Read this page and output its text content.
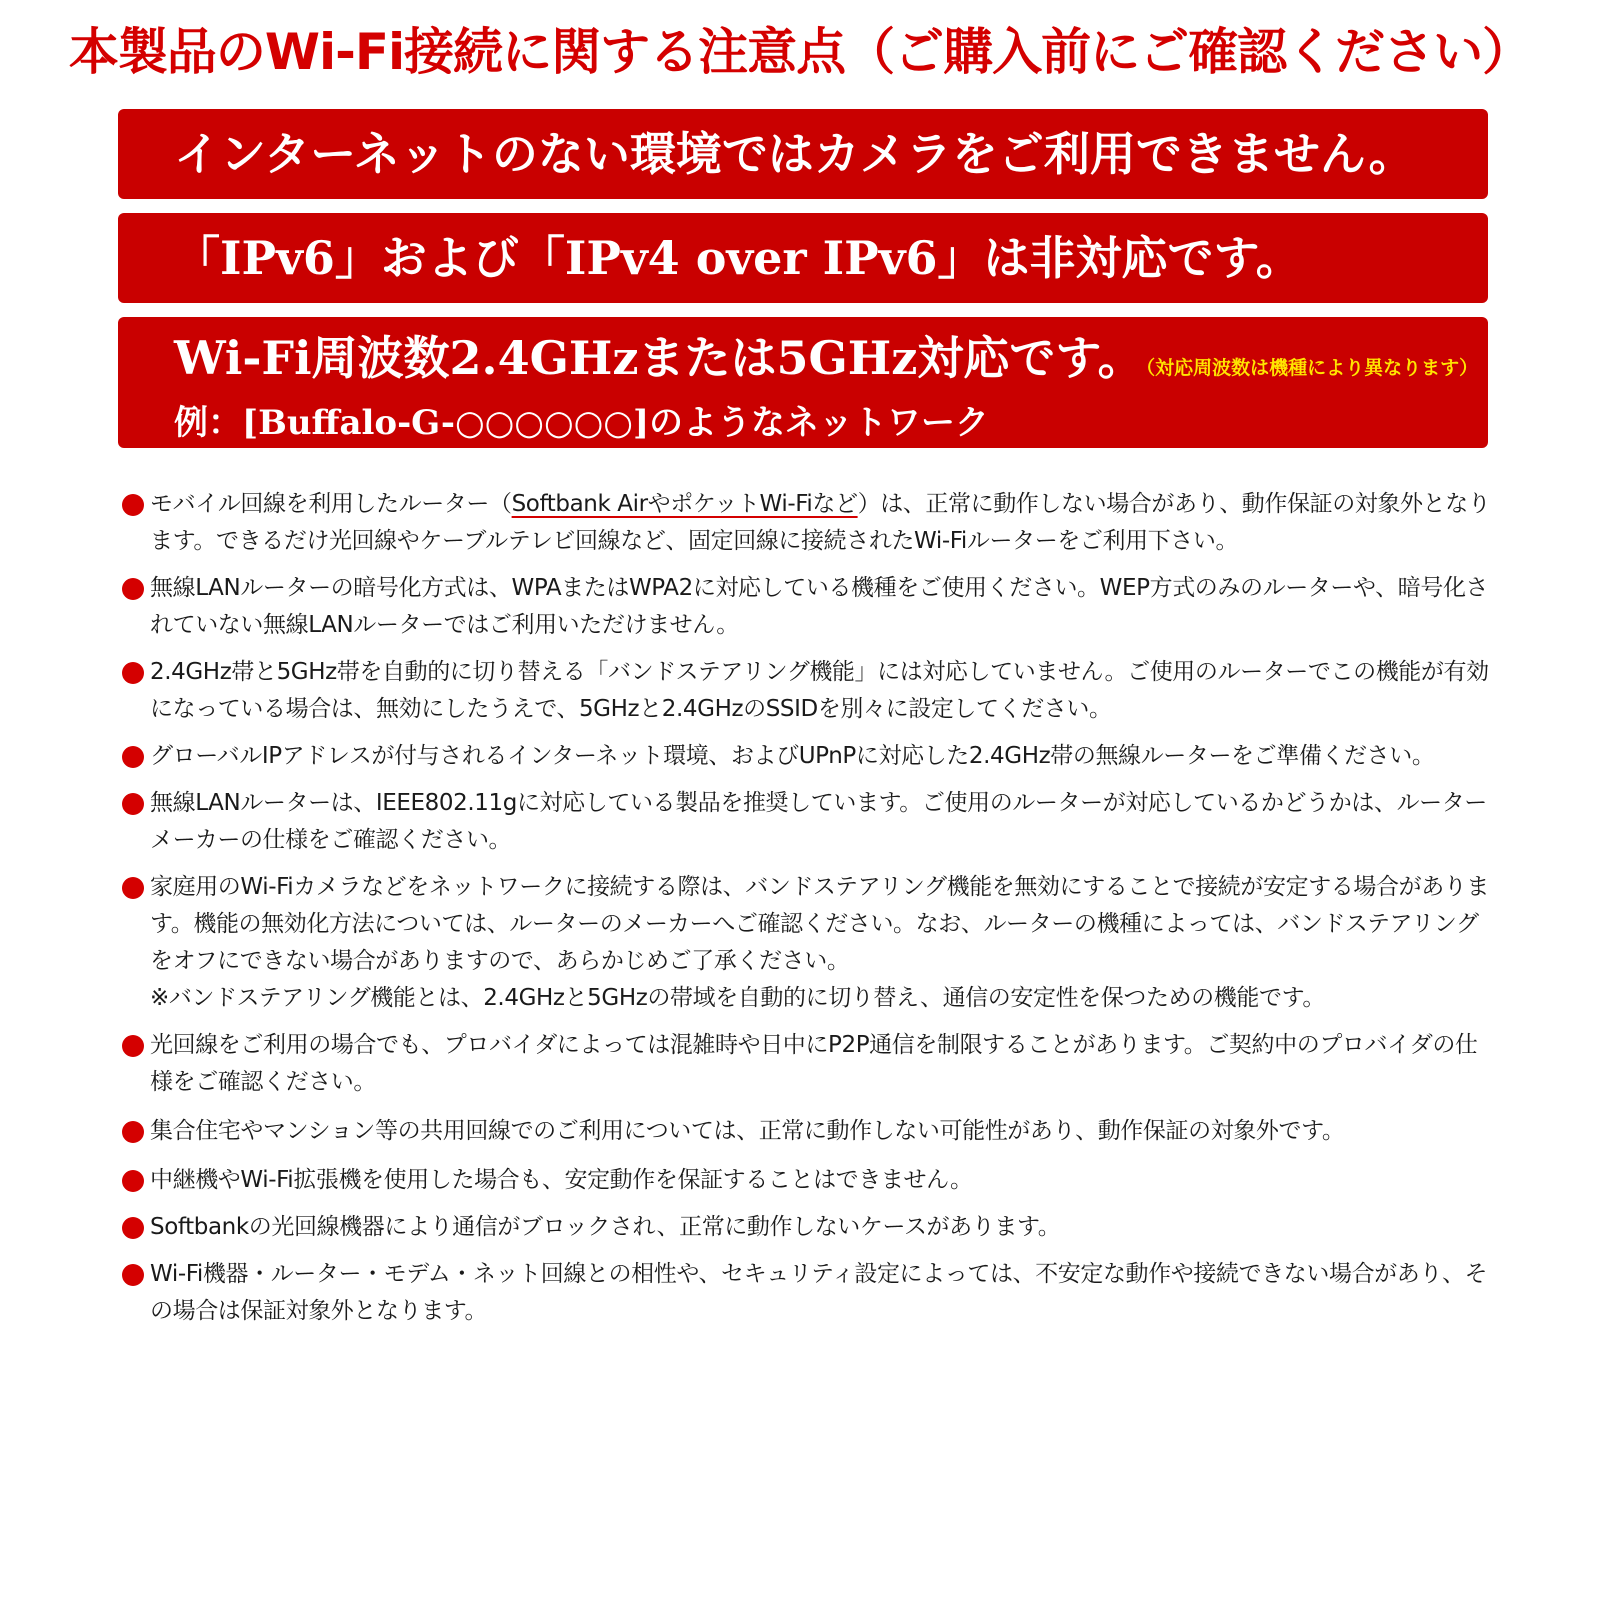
本製品のWi-Fi接続に関する注意点（ご購入前にご確認ください）
インターネットのない環境ではカメラをご利用できません。
「IPv6」および「IPv4 over IPv6」は非対応です。
Wi-Fi周波数2.4GHzまたは5GHz対応です。 （対応周波数は機種により異なります）
例：[Buffalo-G-○○○○○○]のようなネットワーク
モバイル回線を利用したルーター（Softbank AirやポケットWi-Fiなど）は、正常に動作しない場合があり、動作保証の対象外となります。できるだけ光回線やケーブルテレビ回線など、固定回線に接続されたWi-Fiルーターをご利用下さい。
無線LANルーターの暗号化方式は、WPAまたはWPA2に対応している機種をご使用ください。WEP方式のみのルーターや、暗号化されていない無線LANルーターではご利用いただけません。
2.4GHz帯と5GHz帯を自動的に切り替える「バンドステアリング機能」には対応していません。ご使用のルーターでこの機能が有効になっている場合は、無効にしたうえで、5GHzと2.4GHzのSSIDを別々に設定してください。
グローバルIPアドレスが付与されるインターネット環境、およびUPnPに対応した2.4GHz帯の無線ルーターをご準備ください。
無線LANルーターは、IEEE802.11gに対応している製品を推奨しています。ご使用のルーターが対応しているかどうかは、ルーターメーカーの仕様をご確認ください。
家庭用のWi-Fiカメラなどをネットワークに接続する際は、バンドステアリング機能を無効にすることで接続が安定する場合があります。機能の無効化方法については、ルーターのメーカーへご確認ください。なお、ルーターの機種によっては、バンドステアリングをオフにできない場合がありますので、あらかじめご了承ください。
※バンドステアリング機能とは、2.4GHzと5GHzの帯域を自動的に切り替え、通信の安定性を保つための機能です。
光回線をご利用の場合でも、プロバイダによっては混雑時や日中にP2P通信を制限することがあります。ご契約中のプロバイダの仕様をご確認ください。
集合住宅やマンション等の共用回線でのご利用については、正常に動作しない可能性があり、動作保証の対象外です。
中継機やWi-Fi拡張機を使用した場合も、安定動作を保証することはできません。
Softbankの光回線機器により通信がブロックされ、正常に動作しないケースがあります。
Wi-Fi機器・ルーター・モデム・ネット回線との相性や、セキュリティ設定によっては、不安定な動作や接続できない場合があり、その場合は保証対象外となります。
